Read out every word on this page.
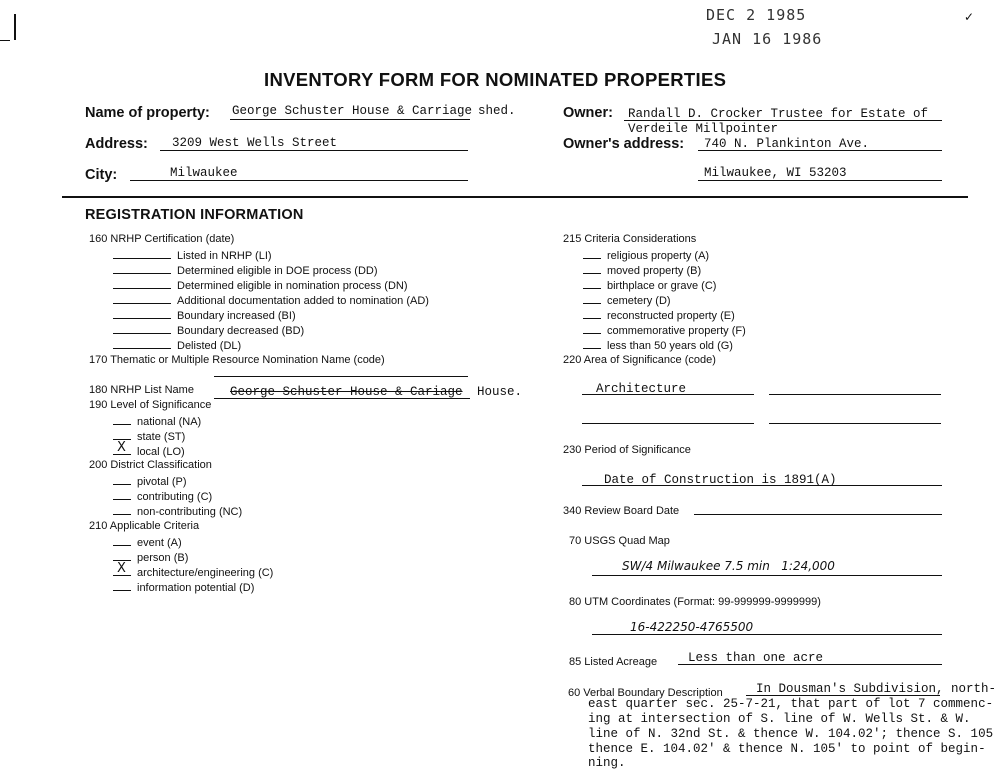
✓
DEC 2 1985
JAN 16 1986
INVENTORY FORM FOR NOMINATED PROPERTIES
Name of property: George Schuster House & Carriage shed.
Address: 3209 West Wells Street
City:	Milwaukee
Owner: Randall D. Crocker Trustee for Estate of
Verdeile Millpointer
Owner's address: 740 N. Plankinton Ave.
Milwaukee, WI 53203
REGISTRATION INFORMATION
160 NRHP Certification (date)
Listed in NRHP (LI)
Determined eligible in DOE process (DD)
Determined eligible in nomination process (DN)
Additional documentation added to nomination (AD)
Boundary increased (BI)
Boundary decreased (BD)
Delisted (DL)
170 Thematic or Multiple Resource Nomination Name (code)
180 NRHP List Name	George Schuster House & Cariage House.
190 Level of Significance
national (NA)
state (ST)
local (LO)
X
200 District Classification
pivotal (P)
contributing (C)
non-contributing (NC)
210 Applicable Criteria
event (A)
person (B)
architecture/engineering (C)
X
information potential (D)
215 Criteria Considerations
religious property (A)
moved property (B)
birthplace or grave (C)
cemetery (D)
reconstructed property (E)
commemorative property (F)
less than 50 years old (G)
220 Area of Significance (code)
Architecture
230 Period of Significance
Date of Construction is 1891(A)
340 Review Board Date
70 USGS Quad Map
SW/4 Milwaukee 7.5 min   1:24,000
80 UTM Coordinates (Format: 99-999999-9999999)
16-422250-4765500
85 Listed Acreage Less than one acre
60 Verbal Boundary Description	In Dousman's Subdivision, north-
east quarter sec. 25-7-21, that part of lot 7 commenc-
ing at intersection of S. line of W. Wells St. & W.
line of N. 32nd St. & thence W. 104.02'; thence S. 105
thence E. 104.02' & thence N. 105' to point of begin-
ning.
